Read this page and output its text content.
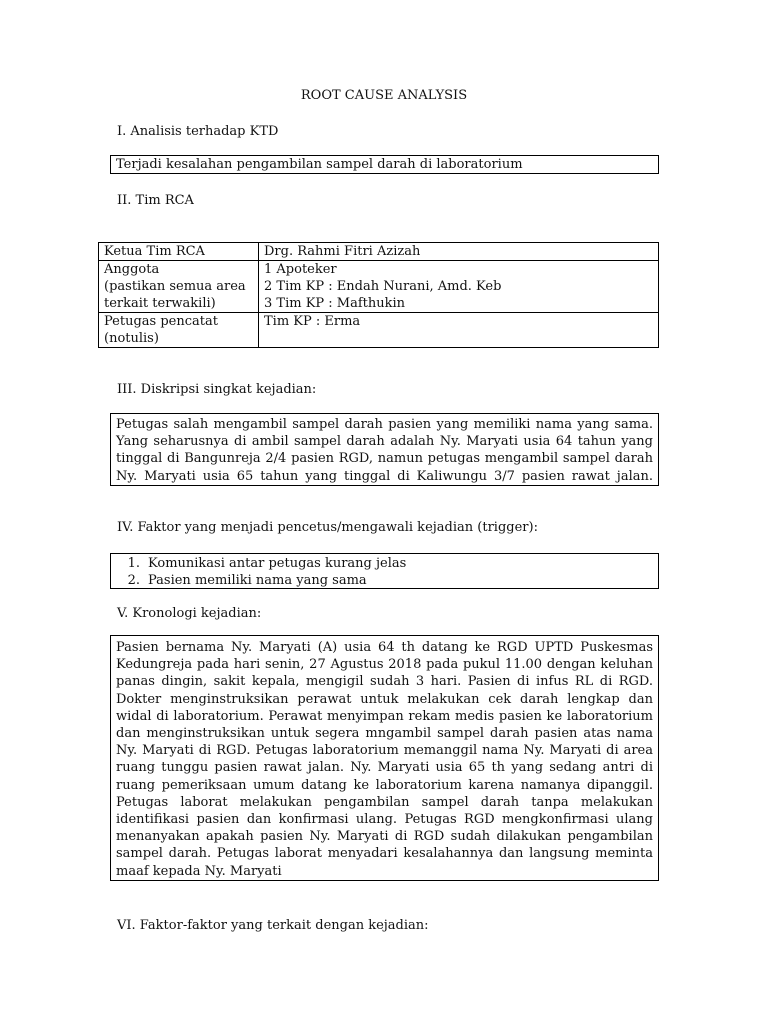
ROOT CAUSE ANALYSIS
I. Analisis terhadap KTD
Terjadi kesalahan pengambilan sampel darah di laboratorium
II. Tim RCA
Ketua Tim RCA	Drg. Rahmi Fitri Azizah

Anggota
(pastikan semua area
terkait terwakili)	1 Apoteker
2 Tim KP : Endah Nurani, Amd. Keb
3 Tim KP : Mafthukin

Petugas pencatat
(notulis)	Tim KP : Erma
III. Diskripsi singkat kejadian:
Petugas salah mengambil sampel darah pasien yang memiliki nama yang sama.
Yang seharusnya di ambil sampel darah adalah Ny. Maryati usia 64 tahun yang
tinggal di Bangunreja 2/4 pasien RGD, namun petugas mengambil sampel darah
Ny. Maryati usia 65 tahun yang tinggal di Kaliwungu 3/7 pasien rawat jalan.
IV. Faktor yang menjadi pencetus/mengawali kejadian (trigger):
1. Komunikasi antar petugas kurang jelas
2. Pasien memiliki nama yang sama
V. Kronologi kejadian:
Pasien bernama Ny. Maryati (A) usia 64 th datang ke RGD UPTD Puskesmas
Kedungreja pada hari senin, 27 Agustus 2018 pada pukul 11.00 dengan keluhan
panas dingin, sakit kepala, mengigil sudah 3 hari. Pasien di infus RL di RGD.
Dokter menginstruksikan perawat untuk melakukan cek darah lengkap dan
widal di laboratorium. Perawat menyimpan rekam medis pasien ke laboratorium
dan menginstruksikan untuk segera mngambil sampel darah pasien atas nama
Ny. Maryati di RGD. Petugas laboratorium memanggil nama Ny. Maryati di area
ruang tunggu pasien rawat jalan. Ny. Maryati usia 65 th yang sedang antri di
ruang pemeriksaan umum datang ke laboratorium karena namanya dipanggil.
Petugas laborat melakukan pengambilan sampel darah tanpa melakukan
identifikasi pasien dan konfirmasi ulang. Petugas RGD mengkonfirmasi ulang
menanyakan apakah pasien Ny. Maryati di RGD sudah dilakukan pengambilan
sampel darah. Petugas laborat menyadari kesalahannya dan langsung meminta
maaf kepada Ny. Maryati
VI. Faktor-faktor yang terkait dengan kejadian:
